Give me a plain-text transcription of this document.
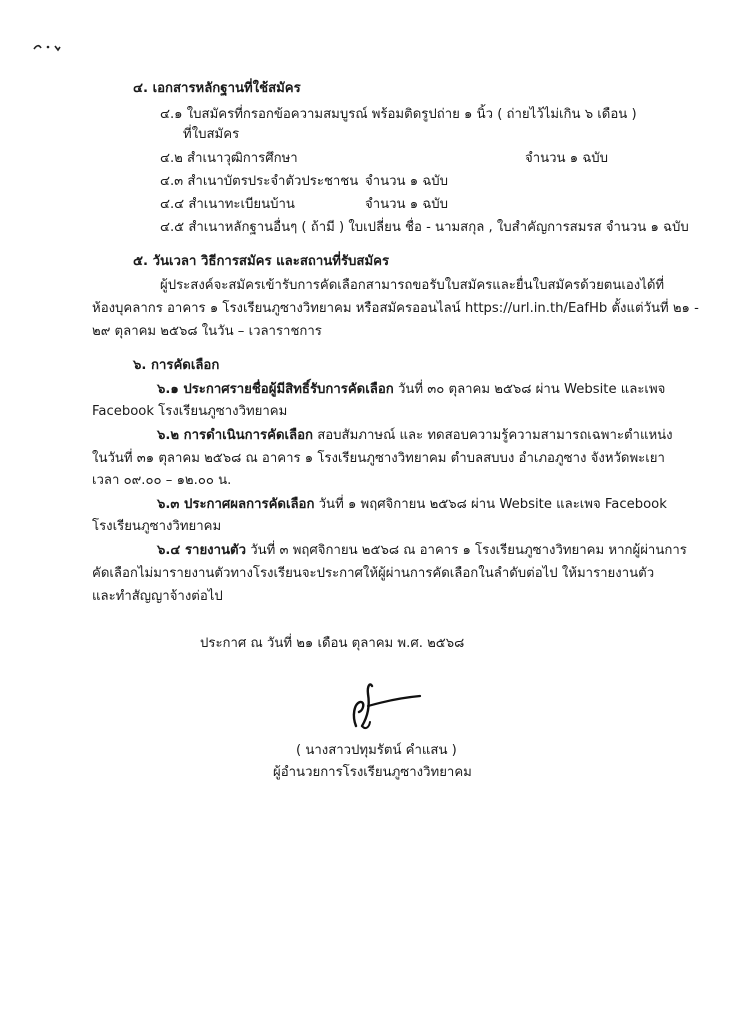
๔. เอกสารหลักฐานที่ใช้สมัคร
๔.๑ ใบสมัครที่กรอกข้อความสมบูรณ์ พร้อมติดรูปถ่าย ๑ นิ้ว ( ถ่ายไว้ไม่เกิน ๖ เดือน )
ที่ใบสมัคร
๔.๒ สำเนาวุฒิการศึกษา	จำนวน ๑ ฉบับ
๔.๓ สำเนาบัตรประจำตัวประชาชน จำนวน ๑ ฉบับ
๔.๔ สำเนาทะเบียนบ้าน	จำนวน ๑ ฉบับ
๔.๕ สำเนาหลักฐานอื่นๆ ( ถ้ามี ) ใบเปลี่ยน ชื่อ - นามสกุล , ใบสำคัญการสมรส จำนวน ๑ ฉบับ
๕. วันเวลา วิธีการสมัคร และสถานที่รับสมัคร
ผู้ประสงค์จะสมัครเข้ารับการคัดเลือกสามารถขอรับใบสมัครและยื่นใบสมัครด้วยตนเองได้ที่
ห้องบุคลากร อาคาร ๑ โรงเรียนภูซางวิทยาคม หรือสมัครออนไลน์ https://url.in.th/EafHb ตั้งแต่วันที่ ๒๑ -
๒๙ ตุลาคม ๒๕๖๘ ในวัน – เวลาราชการ
๖. การคัดเลือก
๖.๑ ประกาศรายชื่อผู้มีสิทธิ์รับการคัดเลือก วันที่ ๓๐ ตุลาคม ๒๕๖๘ ผ่าน Website และเพจ
Facebook โรงเรียนภูซางวิทยาคม
๖.๒ การดำเนินการคัดเลือก สอบสัมภาษณ์ และ ทดสอบความรู้ความสามารถเฉพาะตำแหน่ง
ในวันที่ ๓๑ ตุลาคม ๒๕๖๘ ณ อาคาร ๑ โรงเรียนภูซางวิทยาคม ตำบลสบบง อำเภอภูซาง จังหวัดพะเยา
เวลา ๐๙.๐๐ – ๑๒.๐๐ น.
๖.๓ ประกาศผลการคัดเลือก วันที่ ๑ พฤศจิกายน ๒๕๖๘ ผ่าน Website และเพจ Facebook
โรงเรียนภูซางวิทยาคม
๖.๔ รายงานตัว วันที่ ๓ พฤศจิกายน ๒๕๖๘ ณ อาคาร ๑ โรงเรียนภูซางวิทยาคม หากผู้ผ่านการ
คัดเลือกไม่มารายงานตัวทางโรงเรียนจะประกาศให้ผู้ผ่านการคัดเลือกในลำดับต่อไป ให้มารายงานตัว
และทำสัญญาจ้างต่อไป
ประกาศ ณ วันที่ ๒๑ เดือน ตุลาคม พ.ศ. ๒๕๖๘
( นางสาวปทุมรัตน์ คำแสน )
ผู้อำนวยการโรงเรียนภูซางวิทยาคม
